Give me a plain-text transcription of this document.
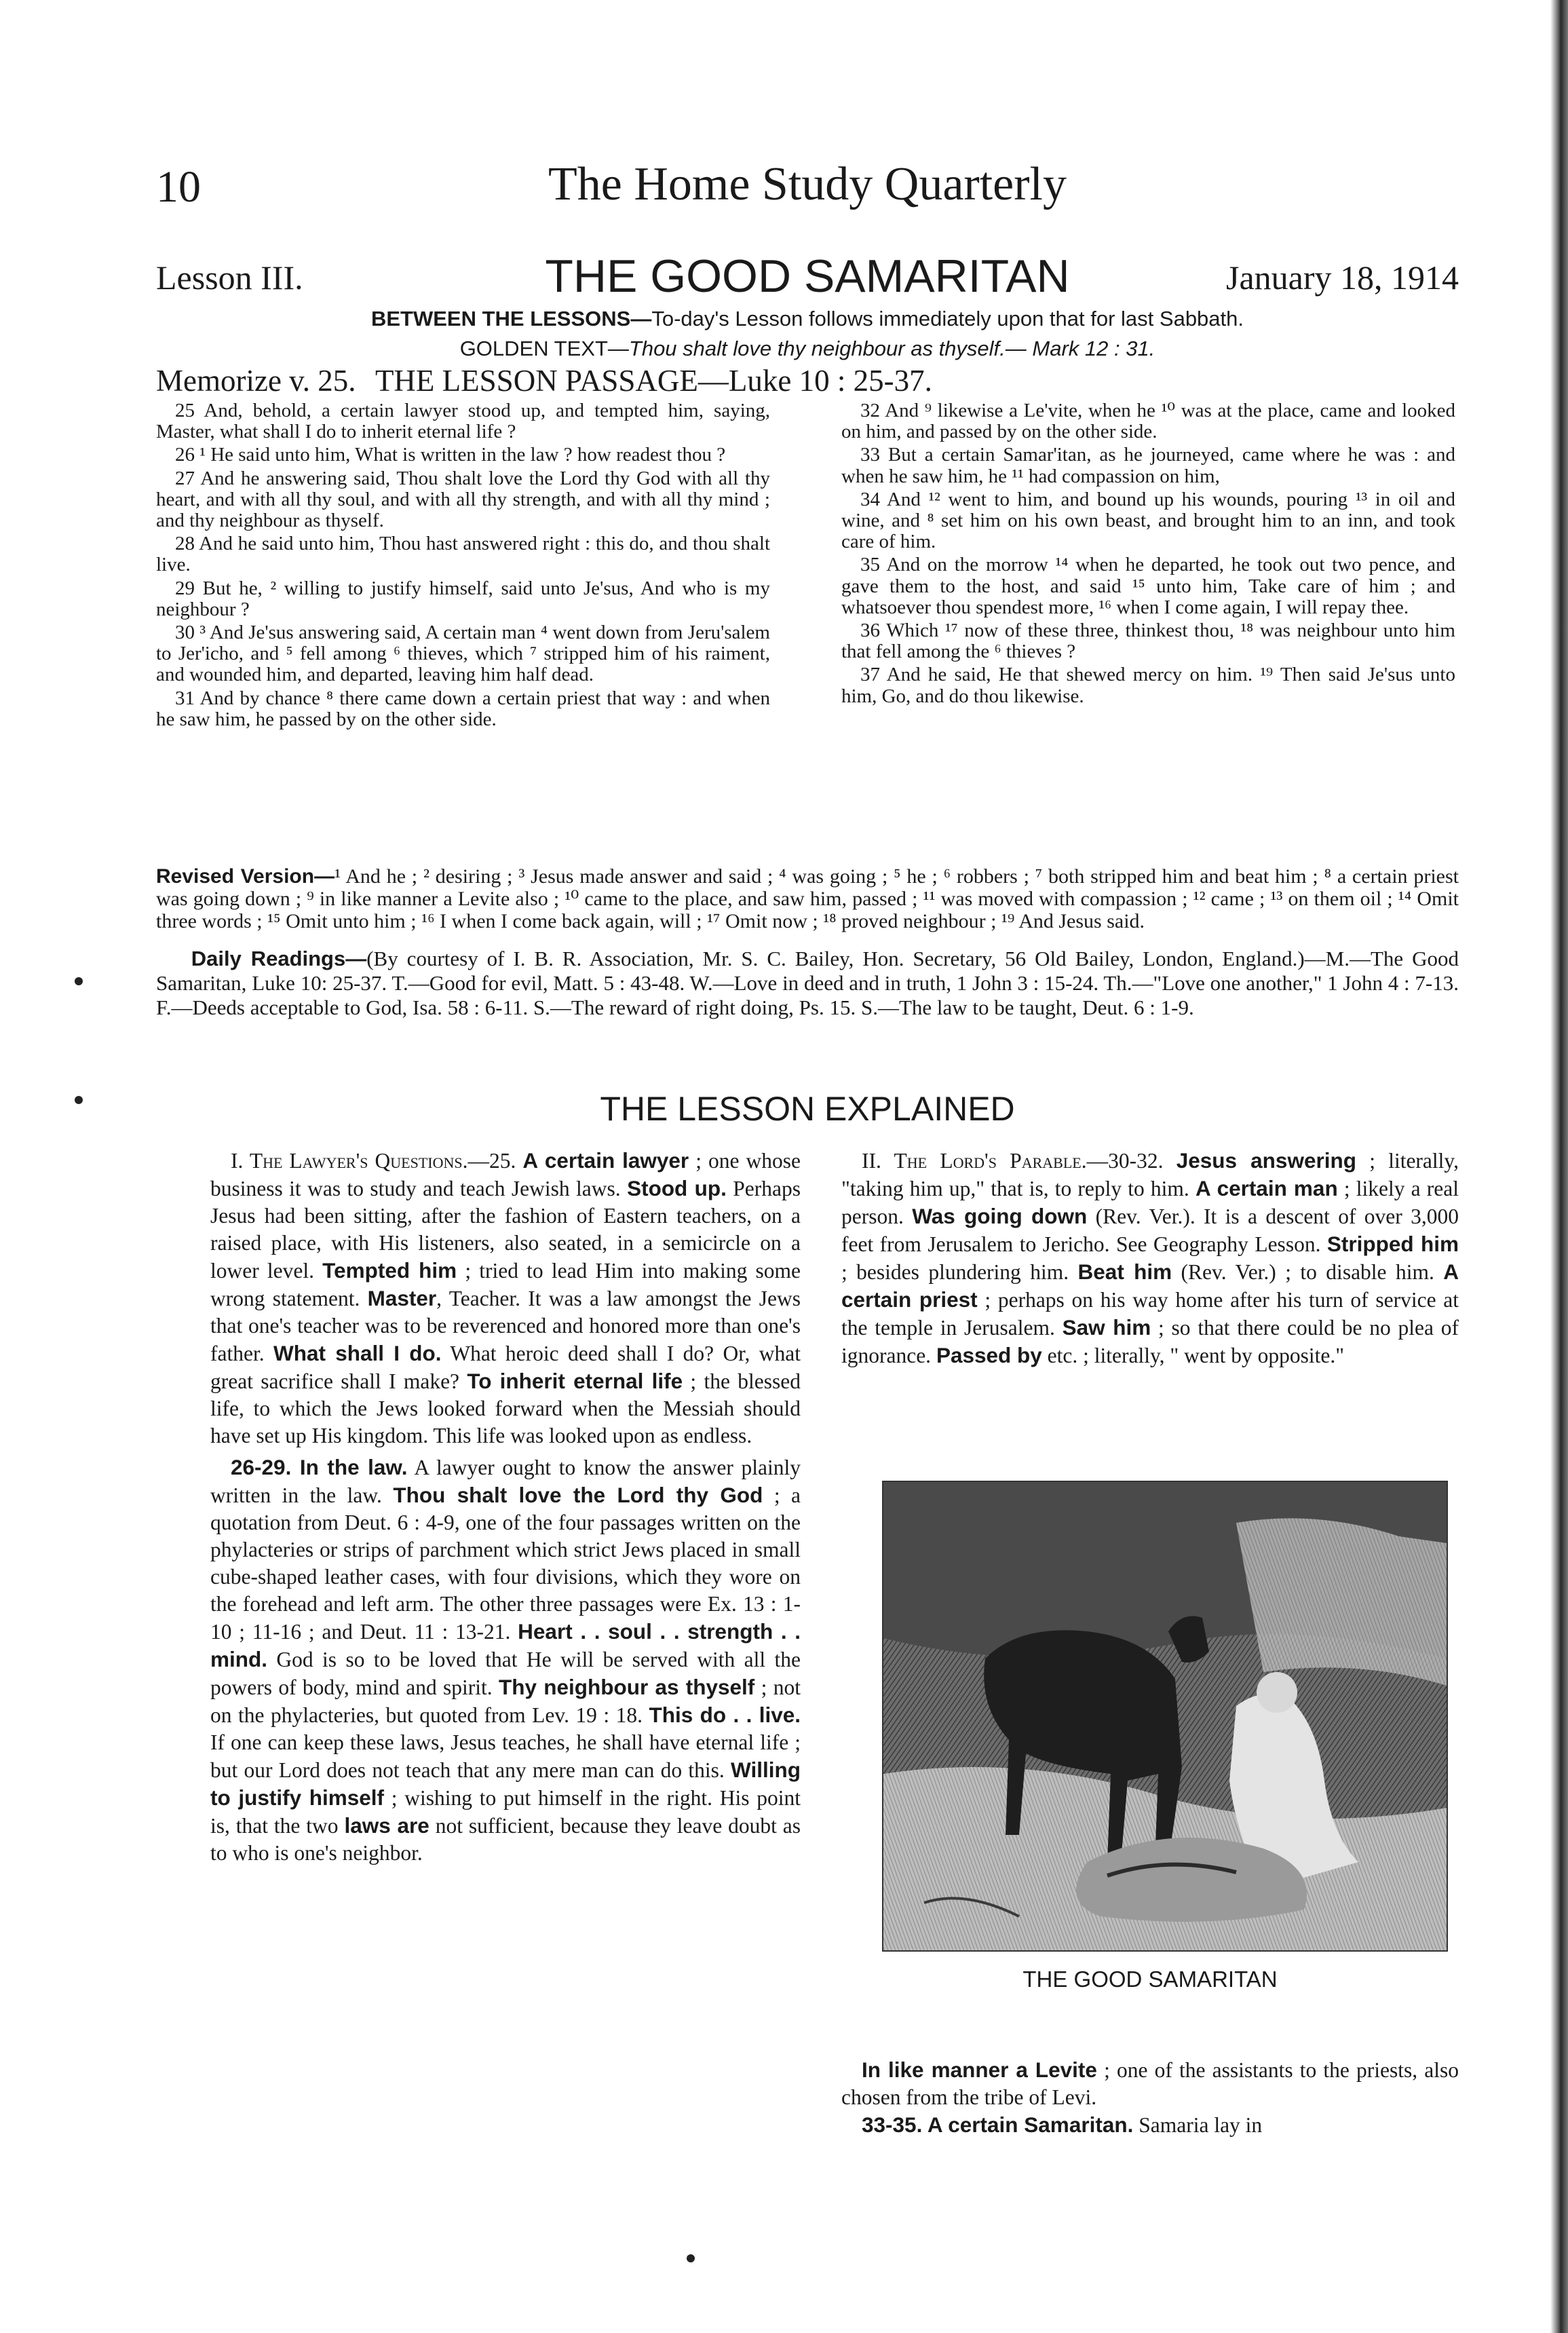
10	The Home Study Quarterly
Lesson III.	THE GOOD SAMARITAN	January 18, 1914
BETWEEN THE LESSONS—To-day's Lesson follows immediately upon that for last Sabbath.
GOLDEN TEXT—Thou shalt love thy neighbour as thyself.— Mark 12 : 31.
Memorize v. 25. THE LESSON PASSAGE—Luke 10 : 25-37.

25 And, behold, a certain lawyer stood up, and tempted him, saying, Master, what shall I do to inherit eternal life ?

26 ¹ He said unto him, What is written in the law ? how readest thou ?

27 And he answering said, Thou shalt love the Lord thy God with all thy heart, and with all thy soul, and with all thy strength, and with all thy mind ; and thy neighbour as thyself.

28 And he said unto him, Thou hast answered right : this do, and thou shalt live.

29 But he, ² willing to justify himself, said unto Je'sus, And who is my neighbour ?

30 ³ And Je'sus answering said, A certain man ⁴ went down from Jeru'salem to Jer'icho, and ⁵ fell among ⁶ thieves, which ⁷ stripped him of his raiment, and wounded him, and departed, leaving him half dead.

31 And by chance ⁸ there came down a certain priest that way : and when he saw him, he passed by on the other side.

32 And ⁹ likewise a Le'vite, when he ¹⁰ was at the place, came and looked on him, and passed by on the other side.

33 But a certain Samar'itan, as he journeyed, came where he was : and when he saw him, he ¹¹ had compassion on him,

34 And ¹² went to him, and bound up his wounds, pouring ¹³ in oil and wine, and ⁸ set him on his own beast, and brought him to an inn, and took care of him.

35 And on the morrow ¹⁴ when he departed, he took out two pence, and gave them to the host, and said ¹⁵ unto him, Take care of him ; and whatsoever thou spendest more, ¹⁶ when I come again, I will repay thee.

36 Which ¹⁷ now of these three, thinkest thou, ¹⁸ was neighbour unto him that fell among the ⁶ thieves ?

37 And he said, He that shewed mercy on him. ¹⁹ Then said Je'sus unto him, Go, and do thou likewise.

Revised Version—¹ And he ; ² desiring ; ³ Jesus made answer and said ; ⁴ was going ; ⁵ he ; ⁶ robbers ; ⁷ both stripped him and beat him ; ⁸ a certain priest was going down ; ⁹ in like manner a Levite also ; ¹⁰ came to the place, and saw him, passed ; ¹¹ was moved with compassion ; ¹² came ; ¹³ on them oil ; ¹⁴ Omit three words ; ¹⁵ Omit unto him ; ¹⁶ I when I come back again, will ; ¹⁷ Omit now ; ¹⁸ proved neighbour ; ¹⁹ And Jesus said.
Daily Readings—(By courtesy of I. B. R. Association, Mr. S. C. Bailey, Hon. Secretary, 56 Old Bailey, London, England.)—M.—The Good Samaritan, Luke 10: 25-37. T.—Good for evil, Matt. 5 : 43-48. W.—Love in deed and in truth, 1 John 3 : 15-24. Th.—"Love one another," 1 John 4 : 7-13. F.—Deeds acceptable to God, Isa. 58 : 6-11. S.—The reward of right doing, Ps. 15. S.—The law to be taught, Deut. 6 : 1-9.
THE LESSON EXPLAINED

I. The Lawyer's Questions.—25. A certain lawyer ; one whose business it was to study and teach Jewish laws. Stood up. Perhaps Jesus had been sitting, after the fashion of Eastern teachers, on a raised place, with His listeners, also seated, in a semicircle on a lower level. Tempted him ; tried to lead Him into making some wrong statement. Master, Teacher. It was a law amongst the Jews that one's teacher was to be reverenced and honored more than one's father. What shall I do. What heroic deed shall I do? Or, what great sacrifice shall I make? To inherit eternal life ; the blessed life, to which the Jews looked forward when the Messiah should have set up His kingdom. This life was looked upon as endless.

26-29. In the law. A lawyer ought to know the answer plainly written in the law. Thou shalt love the Lord thy God ; a quotation from Deut. 6 : 4-9, one of the four passages written on the phylacteries or strips of parchment which strict Jews placed in small cube-shaped leather cases, with four divisions, which they wore on the forehead and left arm. The other three passages were Ex. 13 : 1-10 ; 11-16 ; and Deut. 11 : 13-21. Heart . . soul . . strength . . mind. God is so to be loved that He will be served with all the powers of body, mind and spirit. Thy neighbour as thyself ; not on the phylacteries, but quoted from Lev. 19 : 18. This do . . live. If one can keep these laws, Jesus teaches, he shall have eternal life ; but our Lord does not teach that any mere man can do this. Willing to justify himself ; wishing to put himself in the right. His point is, that the two laws are not sufficient, because they leave doubt as to who is one's neighbor.

II. The Lord's Parable.—30-32. Jesus answering ; literally, "taking him up," that is, to reply to him. A certain man ; likely a real person. Was going down (Rev. Ver.). It is a descent of over 3,000 feet from Jerusalem to Jericho. See Geography Lesson. Stripped him ; besides plundering him. Beat him (Rev. Ver.) ; to disable him. A certain priest ; perhaps on his way home after his turn of service at the temple in Jerusalem. Saw him ; so that there could be no plea of ignorance. Passed by etc. ; literally, " went by opposite."

THE GOOD SAMARITAN

In like manner a Levite ; one of the assistants to the priests, also chosen from the tribe of Levi.

33-35. A certain Samaritan. Samaria lay in
